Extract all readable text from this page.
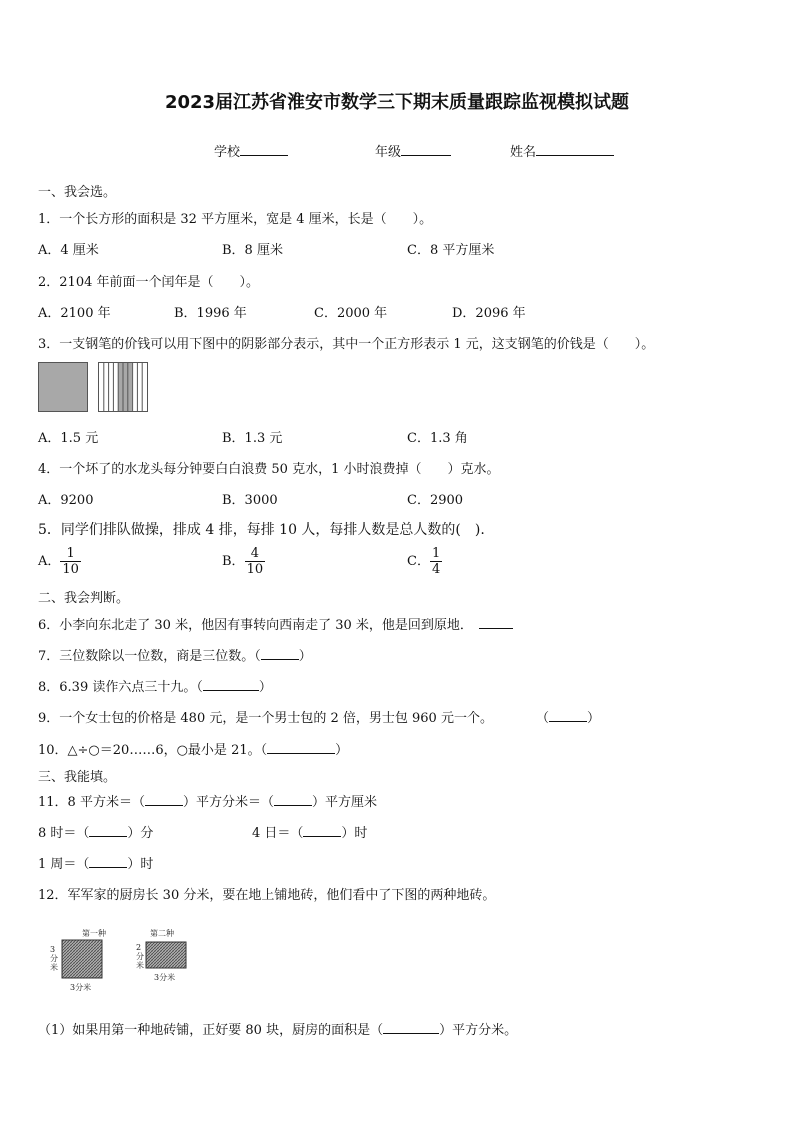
2023届江苏省淮安市数学三下期末质量跟踪监视模拟试题
学校	年级	姓名
一、我会选。
1．一个长方形的面积是 32 平方厘米，宽是 4 厘米，长是（　　）。
A．4 厘米	B．8 厘米	C．8 平方厘米
2．2104 年前面一个闰年是（　　）。
A．2100 年	B．1996 年	C．2000 年	D．2096 年
3．一支钢笔的价钱可以用下图中的阴影部分表示，其中一个正方形表示 1 元，这支钢笔的价钱是（　　）。
A．1.5 元	B．1.3 元	C．1.3 角
4．一个坏了的水龙头每分钟要白白浪费 50 克水，1 小时浪费掉（　　）克水。
A．9200	B．3000	C．2900
5．同学们排队做操，排成 4 排，每排 10 人，每排人数是总人数的(　).
A． $\frac{1}{10}$	B． $\frac{4}{10}$	C． $\frac{1}{4}$
二、我会判断。
6．小李向东北走了 30 米，他因有事转向西南走了 30 米，他是回到原地．
7．三位数除以一位数，商是三位数。（	）
8．6.39 读作六点三十九。（	）
9．一个女士包的价格是 480 元，是一个男士包的 2 倍，男士包 960 元一个。	（	）
10．△÷○＝20……6，○最小是 21。（	）
三、我能填。
11．8 平方米＝（	）平方分米＝（	）平方厘米
8 时＝（	）分	4 日＝（	）时
1 周＝（	）时
12．军军家的厨房长 30 分米，要在地上铺地砖，他们看中了下图的两种地砖。
第一种
3 分 米
3分米
第二种
2 分 米
3分米
（1）如果用第一种地砖铺，正好要 80 块，厨房的面积是（	）平方分米。
